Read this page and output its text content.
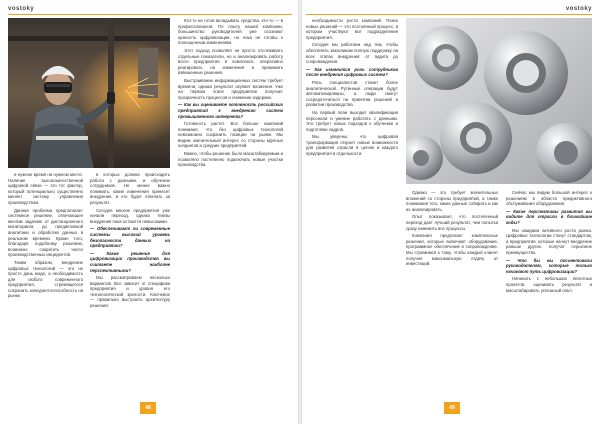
vostoky	vostoky

и нужное время на нужном месте. Наличие высококачественной цифровой связи — это тот фактор, который потенциально существенно меняет систему управления производством.

Данная проблема предполагает системное решение, отвечающее многим задачам: от дистанционного мониторинга до предиктивной аналитики и обработки данных в реальном времени. Кроме того, благодаря подобному решению, возможно сократить число производственных инцидентов.

Таким образом, внедрение цифровых технологий — это не просто дань моде, а необходимость для любого современного предприятия, стремящегося сохранить конкурентоспособность на рынке.

в которых должна происходить работа с данными, и обучение сотрудников. Не менее важно понимать, какие изменения принесет внедрение, и кто будет отвечать за результат.

Сегодня многие предприятия уже начали переход, однако темпы внедрения пока остаются невысокими.

— Обеспечивают ли современные системы высокий уровень безопасности данных на предприятии?

— Какие решения для цифровизации производства вы считаете наиболее перспективными?

Мы рассматриваем несколько вариантов. Все зависит от специфики предприятия и уровня его технологической зрелости. Ключевое — правильно выстроить архитектуру решения.

Кто-то не готов вкладывать средства, кто-то — в профессионалов. По опыту нашей компании, большинство руководителей уже осознают ценность цифровизации, но пока не готовы к полноценным изменениям.

Этот подход позволяет не просто отслеживать отдельные показатели, но и анализировать работу всего предприятия в комплексе, оперативно реагировать на изменения и принимать взвешенные решения.

Выстраивание информационных систем требует времени, однако результат окупает вложения. Уже на первом этапе предприятие получает прозрачность процессов и снижение издержек.

— Как вы оцениваете готовность российских предприятий к внедрению систем промышленного интернета?

Готовность растет. Все больше компаний понимают, что без цифровых технологий невозможно сохранить позиции на рынке. Мы видим значительный интерес со стороны крупных холдингов и средних предприятий.

Важно, чтобы решение было масштабируемым и позволяло постепенно подключать новые участки производства.

необходимости роста компаний. Поиск новых решений — это постоянный процесс, в котором участвуют все подразделения предприятия.

Сегодня мы работаем над тем, чтобы обеспечить заказчикам полную поддержку на всех этапах внедрения: от аудита до сопровождения.

— Как изменится роль сотрудников после внедрения цифровых систем?

Роль специалистов станет более аналитической. Рутинные операции будут автоматизированы, а люди смогут сосредоточиться на принятии решений и развитии производства.

На первый план выходит квалификация персонала и умение работать с данными. Это требует новых подходов к обучению и подготовке кадров.

Мы уверены, что цифровая трансформация откроет новые возможности для развития отрасли в целом и каждого предприятия в отдельности.

Однако — это требует значительных вложений со стороны предприятий, а также понимания того, какие данные собирать и как их анализировать.

Опыт показывает, что постепенный переход дает лучший результат, чем попытка сразу изменить все процессы.

Компания предлагает комплексные решения, которые включают оборудование, программное обеспечение и сопровождение. Мы стремимся к тому, чтобы каждый клиент получил максимальную отдачу от инвестиций.

Сейчас мы видим большой интерес к решениям в области предиктивного обслуживания оборудования.

— Какие перспективы развития вы видите для отрасли в ближайшие годы?

Мы ожидаем активного роста рынка. Цифровые технологии станут стандартом, а предприятия, которые начнут внедрение раньше других, получат серьезное преимущество.

— Что бы вы посоветовали руководителям, которые только начинают путь цифровизации?

Начинать с небольших пилотных проектов, оценивать результат и масштабировать успешный опыт.

48	49
